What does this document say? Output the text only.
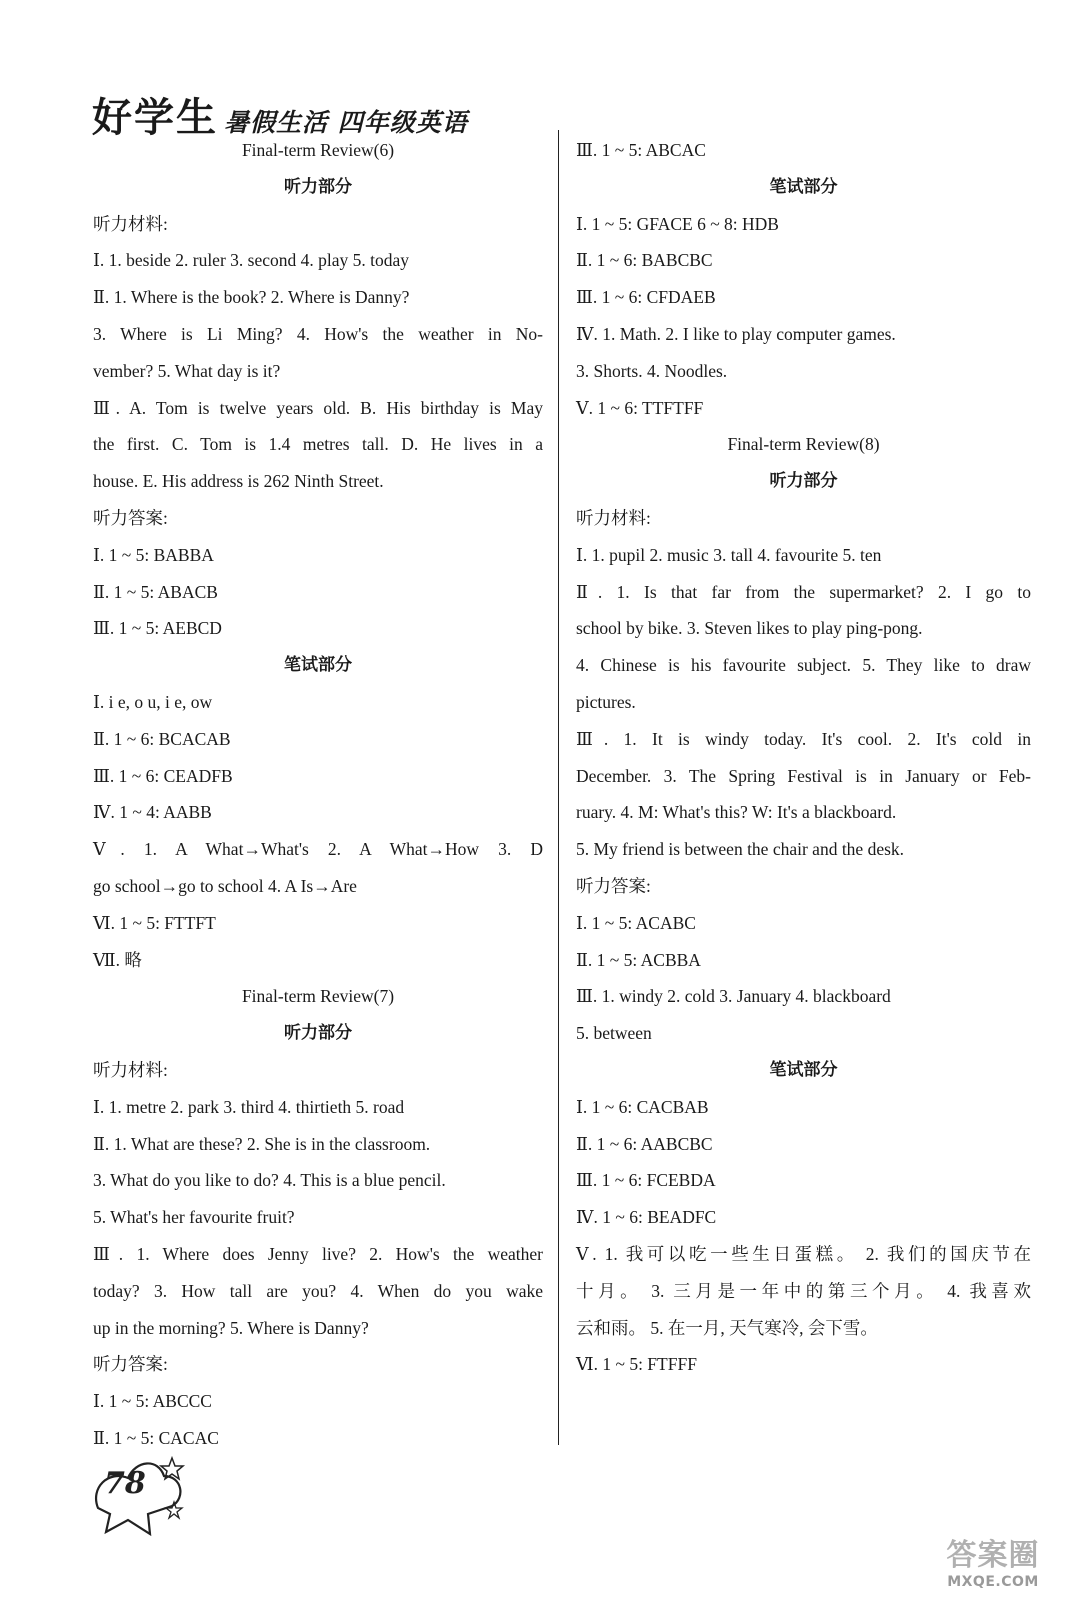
好学生 暑假生活 四年级英语
Final-term Review(6)
听力部分
听力材料:
Ⅰ. 1. beside 2. ruler 3. second 4. play 5. today
Ⅱ. 1. Where is the book? 2. Where is Danny?
3. Where is Li Ming? 4. How's the weather in No-
vember? 5. What day is it?
Ⅲ. A. Tom is twelve years old. B. His birthday is May
the first. C. Tom is 1.4 metres tall. D. He lives in a
house. E. His address is 262 Ninth Street.
听力答案:
Ⅰ. 1 ~ 5: BABBA
Ⅱ. 1 ~ 5: ABACB
Ⅲ. 1 ~ 5: AEBCD
笔试部分
Ⅰ. i e, o u, i e, ow
Ⅱ. 1 ~ 6: BCACAB
Ⅲ. 1 ~ 6: CEADFB
Ⅳ. 1 ~ 4: AABB
Ⅴ. 1. A What→What's 2. A What→How 3. D
go school→go to school 4. A Is→Are
Ⅵ. 1 ~ 5: FTTFT
Ⅶ. 略
Final-term Review(7)
听力部分
听力材料:
Ⅰ. 1. metre 2. park 3. third 4. thirtieth 5. road
Ⅱ. 1. What are these? 2. She is in the classroom.
3. What do you like to do? 4. This is a blue pencil.
5. What's her favourite fruit?
Ⅲ. 1. Where does Jenny live? 2. How's the weather
today? 3. How tall are you? 4. When do you wake
up in the morning? 5. Where is Danny?
听力答案:
Ⅰ. 1 ~ 5: ABCCC
Ⅱ. 1 ~ 5: CACAC
Ⅲ. 1 ~ 5: ABCAC
笔试部分
Ⅰ. 1 ~ 5: GFACE 6 ~ 8: HDB
Ⅱ. 1 ~ 6: BABCBC
Ⅲ. 1 ~ 6: CFDAEB
Ⅳ. 1. Math. 2. I like to play computer games.
3. Shorts. 4. Noodles.
Ⅴ. 1 ~ 6: TTFTFF
Final-term Review(8)
听力部分
听力材料:
Ⅰ. 1. pupil 2. music 3. tall 4. favourite 5. ten
Ⅱ. 1. Is that far from the supermarket? 2. I go to
school by bike. 3. Steven likes to play ping-pong.
4. Chinese is his favourite subject. 5. They like to draw
pictures.
Ⅲ. 1. It is windy today. It's cool. 2. It's cold in
December. 3. The Spring Festival is in January or Feb-
ruary. 4. M: What's this? W: It's a blackboard.
5. My friend is between the chair and the desk.
听力答案:
Ⅰ. 1 ~ 5: ACABC
Ⅱ. 1 ~ 5: ACBBA
Ⅲ. 1. windy 2. cold 3. January 4. blackboard
5. between
笔试部分
Ⅰ. 1 ~ 6: CACBAB
Ⅱ. 1 ~ 6: AABCBC
Ⅲ. 1 ~ 6: FCEBDA
Ⅳ. 1 ~ 6: BEADFC
Ⅴ. 1. 我可以吃一些生日蛋糕。 2. 我们的国庆节在
十月。 3. 三月是一年中的第三个月。 4. 我喜欢
云和雨。 5. 在一月, 天气寒冷, 会下雪。
Ⅵ. 1 ~ 5: FTFFF
78
答案圈
MXQE.COM
